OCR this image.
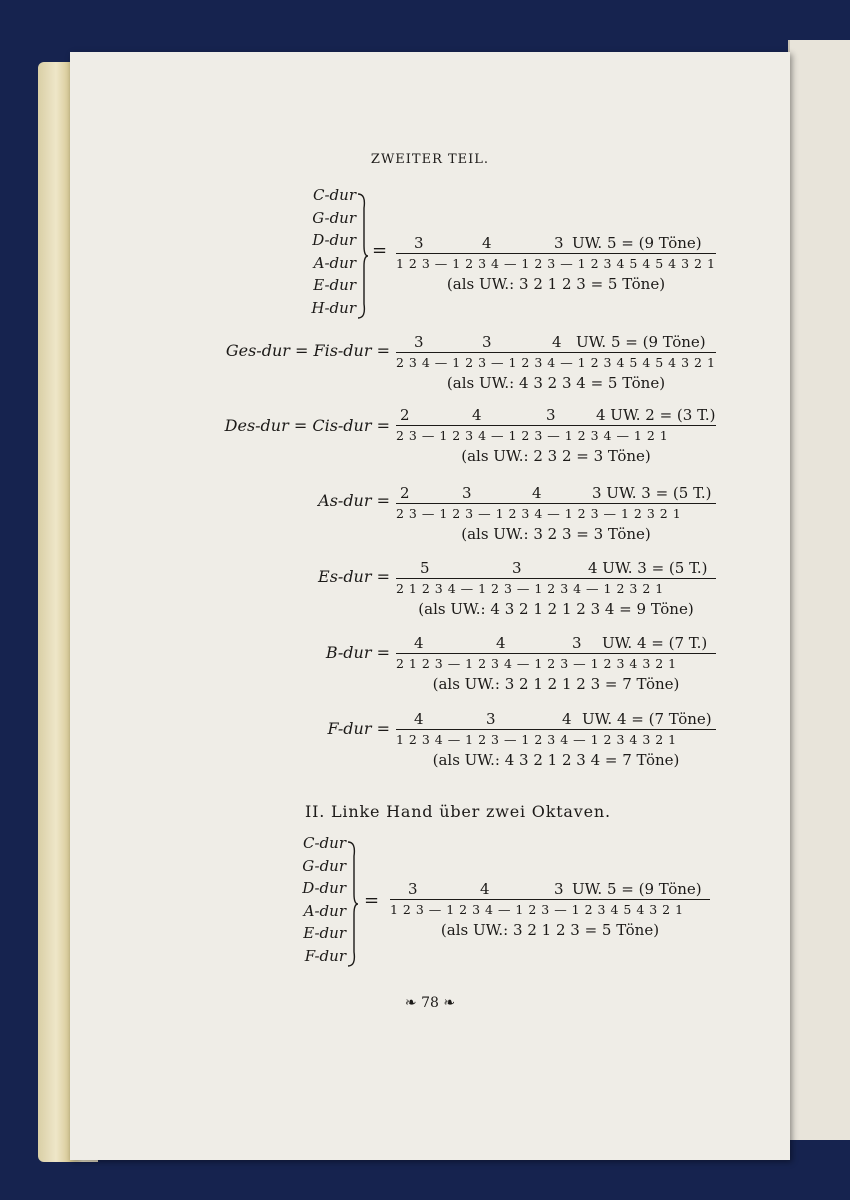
ZWEITER TEIL.
C-dur
G-dur
D-dur
A-dur
E-dur
H-dur
= 3	4	3 UW. 5 = (9 Töne)
1 2 3 — 1 2 3 4 — 1 2 3 — 1 2 3 4 5 4 5 4 3 2 1
(als UW.: 3 2 1 2 3 = 5 Töne)
Ges-dur = Fis-dur = 3	3	4 UW. 5 = (9 Töne)
2 3 4 — 1 2 3 — 1 2 3 4 — 1 2 3 4 5 4 5 4 3 2 1
(als UW.: 4 3 2 3 4 = 5 Töne)
Des-dur = Cis-dur =
2	4	3	4 UW. 2 = (3 T.)
2 3 — 1 2 3 4 — 1 2 3 — 1 2 3 4 — 1 2 1
(als UW.: 2 3 2 = 3 Töne)
As-dur = 2	3	4	3 UW. 3 = (5 T.)
2 3 — 1 2 3 — 1 2 3 4 — 1 2 3 — 1 2 3 2 1
(als UW.: 3 2 3 = 3 Töne)
Es-dur = 5	3	4 UW. 3 = (5 T.)
2 1 2 3 4 — 1 2 3 — 1 2 3 4 — 1 2 3 2 1
(als UW.: 4 3 2 1 2 1 2 3 4 = 9 Töne)
B-dur = 4	4	3 UW. 4 = (7 T.)
2 1 2 3 — 1 2 3 4 — 1 2 3 — 1 2 3 4 3 2 1
(als UW.: 3 2 1 2 1 2 3 = 7 Töne)
F-dur = 4	3	4 UW. 4 = (7 Töne)
1 2 3 4 — 1 2 3 — 1 2 3 4 — 1 2 3 4 3 2 1
(als UW.: 4 3 2 1 2 3 4 = 7 Töne)
II. Linke Hand über zwei Oktaven.
C-dur
G-dur
D-dur
A-dur
E-dur
F-dur
=
3	4	3 UW. 5 = (9 Töne)
1 2 3 — 1 2 3 4 — 1 2 3 — 1 2 3 4 5 4 3 2 1
(als UW.: 3 2 1 2 3 = 5 Töne)
❧ 78 ❧
